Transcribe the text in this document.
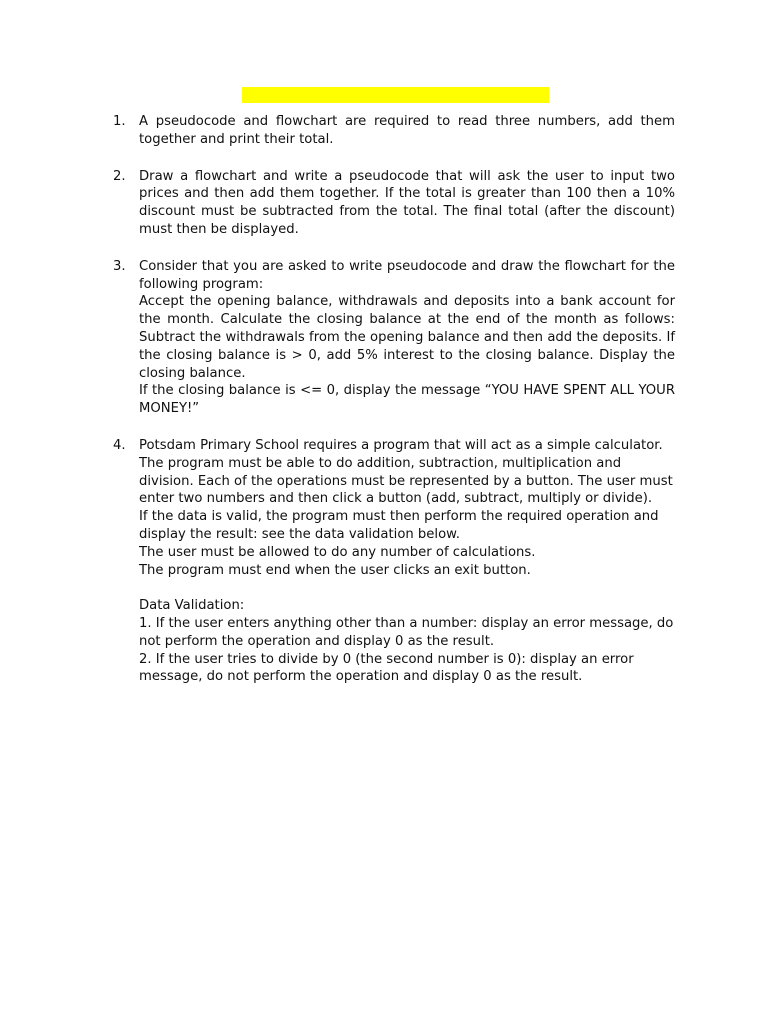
1.	A pseudocode and flowchart are required to read three numbers, add them together and print their total.

2.	Draw a flowchart and write a pseudocode that will ask the user to input two prices and then add them together. If the total is greater than 100 then a 10% discount must be subtracted from the total. The final total (after the discount) must then be displayed.

3.	Consider that you are asked to write pseudocode and draw the flowchart for the following program:

Accept the opening balance, withdrawals and deposits into a bank account for the month. Calculate the closing balance at the end of the month as follows: Subtract the withdrawals from the opening balance and then add the deposits. If the closing balance is > 0, add 5% interest to the closing balance. Display the closing balance.

If the closing balance is <= 0, display the message “YOU HAVE SPENT ALL YOUR MONEY!”

4.	Potsdam Primary School requires a program that will act as a simple calculator. The program must be able to do addition, subtraction, multiplication and division. Each of the operations must be represented by a button. The user must enter two numbers and then click a button (add, subtract, multiply or divide).

If the data is valid, the program must then perform the required operation and display the result: see the data validation below.

The user must be allowed to do any number of calculations.

The program must end when the user clicks an exit button.

Data Validation:

1. If the user enters anything other than a number: display an error message, do not perform the operation and display 0 as the result.

2. If the user tries to divide by 0 (the second number is 0): display an error message, do not perform the operation and display 0 as the result.
